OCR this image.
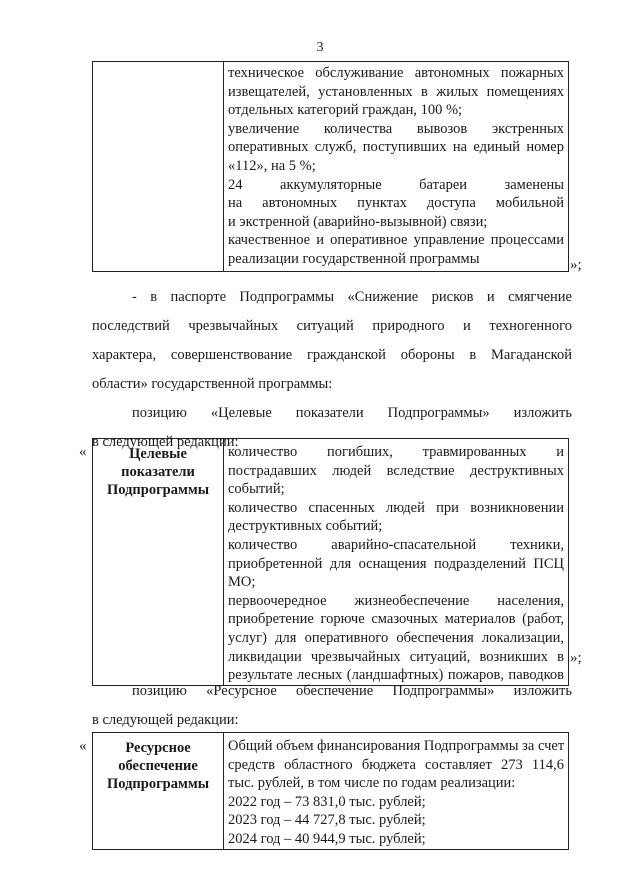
3

техническое обслуживание автономных пожарных
извещателей, установленных в жилых помещениях
отдельных категорий граждан, 100 %;
увеличение количества вывозов экстренных
оперативных служб, поступивших на единый номер
«112», на 5 %;
24 аккумуляторные батареи заменены
на автономных пунктах доступа мобильной
и экстренной (аварийно-вызывной) связи;
качественное и оперативное управление процессами
реализации государственной программы	»;
- в паспорте Подпрограммы «Снижение рисков и смягчение
последствий чрезвычайных ситуаций природного и техногенного
характера, совершенствование гражданской обороны в Магаданской
области» государственной программы:
позицию «Целевые показатели Подпрограммы» изложить
в следующей редакции:
«	Целевые
показатели
Подпрограммы

количество погибших, травмированных и
пострадавших людей вследствие деструктивных
событий;
количество спасенных людей при возникновении
деструктивных событий;
количество аварийно-спасательной техники,
приобретенной для оснащения подразделений ПСЦ
МО;
первоочередное жизнеобеспечение населения,
приобретение горюче смазочных материалов (работ,
услуг) для оперативного обеспечения локализации,
ликвидации чрезвычайных ситуаций, возникших в
результате лесных (ландшафтных) пожаров, паводков
»;
позицию «Ресурсное обеспечение Подпрограммы» изложить
в следующей редакции:
«	Ресурсное
обеспечение
Подпрограммы

Общий объем финансирования Подпрограммы за счет
средств областного бюджета составляет 273 114,6
тыс. рублей, в том числе по годам реализации:
2022 год – 73 831,0 тыс. рублей;
2023 год – 44 727,8 тыс. рублей;
2024 год – 40 944,9 тыс. рублей;
